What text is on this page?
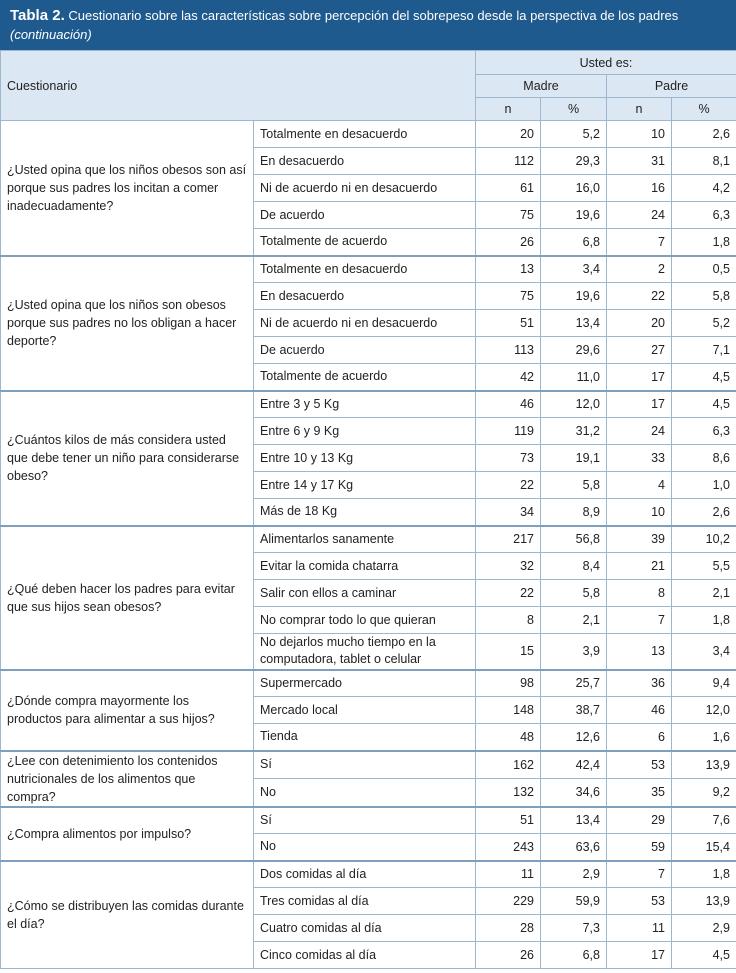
Tabla 2. Cuestionario sobre las características sobre percepción del sobrepeso desde la perspectiva de los padres (continuación)
Cuestionario		Usted es:			
		Madre		Padre	
		n	%	n	%
¿Usted opina que los niños obesos son así porque sus padres los incitan a comer inadecuadamente?	Totalmente en desacuerdo	20	5,2	10	2,6
	En desacuerdo	112	29,3	31	8,1
	Ni de acuerdo ni en desacuerdo	61	16,0	16	4,2
	De acuerdo	75	19,6	24	6,3
	Totalmente de acuerdo	26	6,8	7	1,8
¿Usted opina que los niños son obesos porque sus padres no los obligan a hacer deporte?	Totalmente en desacuerdo	13	3,4	2	0,5
	En desacuerdo	75	19,6	22	5,8
	Ni de acuerdo ni en desacuerdo	51	13,4	20	5,2
	De acuerdo	113	29,6	27	7,1
	Totalmente de acuerdo	42	11,0	17	4,5
¿Cuántos kilos de más considera usted que debe tener un niño para considerarse obeso?	Entre 3 y 5 Kg	46	12,0	17	4,5
	Entre 6 y 9 Kg	119	31,2	24	6,3
	Entre 10 y 13 Kg	73	19,1	33	8,6
	Entre 14 y 17 Kg	22	5,8	4	1,0
	Más de 18 Kg	34	8,9	10	2,6
¿Qué deben hacer los padres para evitar que sus hijos sean obesos?	Alimentarlos sanamente	217	56,8	39	10,2
	Evitar la comida chatarra	32	8,4	21	5,5
	Salir con ellos a caminar	22	5,8	8	2,1
	No comprar todo lo que quieran	8	2,1	7	1,8
	No dejarlos mucho tiempo en la computadora, tablet o celular	15	3,9	13	3,4
¿Dónde compra mayormente los productos para alimentar a sus hijos?	Supermercado	98	25,7	36	9,4
	Mercado local	148	38,7	46	12,0
	Tienda	48	12,6	6	1,6
¿Lee con detenimiento los contenidos nutricionales de los alimentos que compra?	Sí	162	42,4	53	13,9
	No	132	34,6	35	9,2
¿Compra alimentos por impulso?	Sí	51	13,4	29	7,6
	No	243	63,6	59	15,4
¿Cómo se distribuyen las comidas durante el día?	Dos comidas al día	11	2,9	7	1,8
	Tres comidas al día	229	59,9	53	13,9
	Cuatro comidas al día	28	7,3	11	2,9
	Cinco comidas al día	26	6,8	17	4,5
